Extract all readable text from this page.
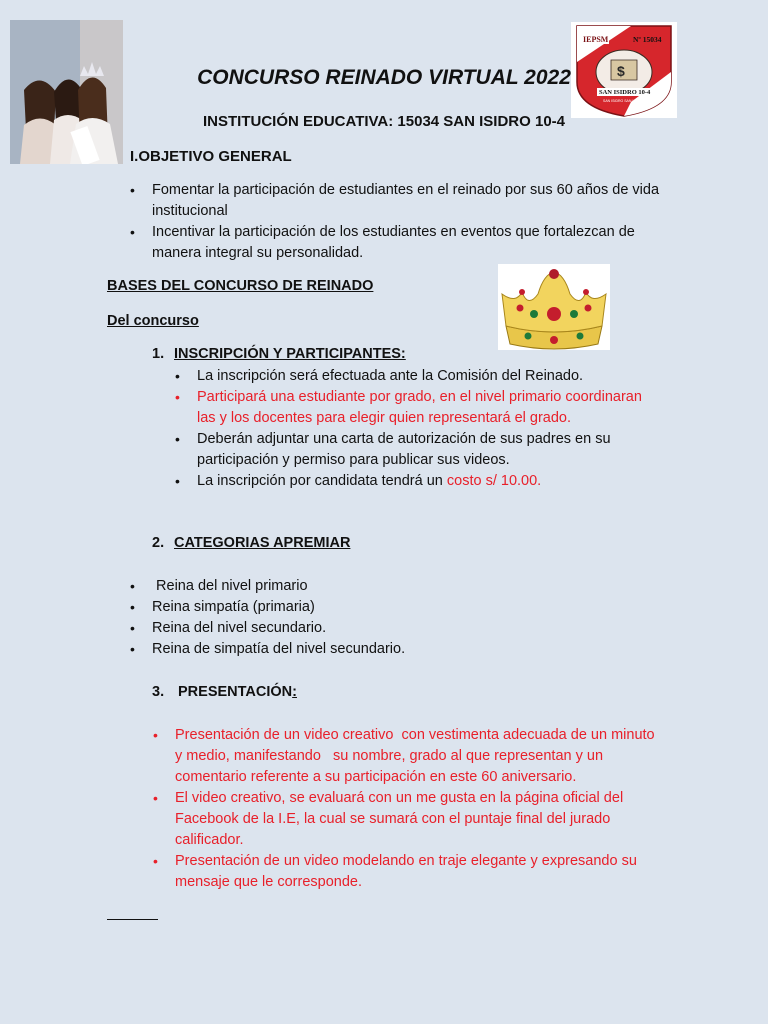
CONCURSO REINADO VIRTUAL 2022
INSTITUCIÓN EDUCATIVA: 15034 SAN ISIDRO 10-4
IEPSM	Nº 15034
$
SAN ISIDRO 10-4
SAN ISIDRO SAN ISIDRO
I.OBJETIVO GENERAL
• Fomentar la participación de estudiantes en el reinado por sus 60 años de vida institucional
• Incentivar la participación de los estudiantes en eventos que fortalezcan de manera integral su personalidad.
BASES DEL CONCURSO DE REINADO
Del concurso
1. INSCRIPCIÓN Y PARTICIPANTES:
• La inscripción será efectuada ante la Comisión del Reinado.
• Participará una estudiante por grado, en el nivel primario coordinaran las y los docentes para elegir quien representará el grado.
• Deberán adjuntar una carta de autorización de sus padres en su participación y permiso para publicar sus videos.
• La inscripción por candidata tendrá un costo s/ 10.00.
2. CATEGORIAS APREMIAR
•  Reina del nivel primario
• Reina simpatía (primaria)
• Reina del nivel secundario.
• Reina de simpatía del nivel secundario.
3. PRESENTACIÓN:
• Presentación de un video creativo  con vestimenta adecuada de un minuto y medio, manifestando   su nombre, grado al que representan y un comentario referente a su participación en este 60 aniversario.
• El video creativo, se evaluará con un me gusta en la página oficial del Facebook de la I.E, la cual se sumará con el puntaje final del jurado calificador.
• Presentación de un video modelando en traje elegante y expresando su mensaje que le corresponde.
